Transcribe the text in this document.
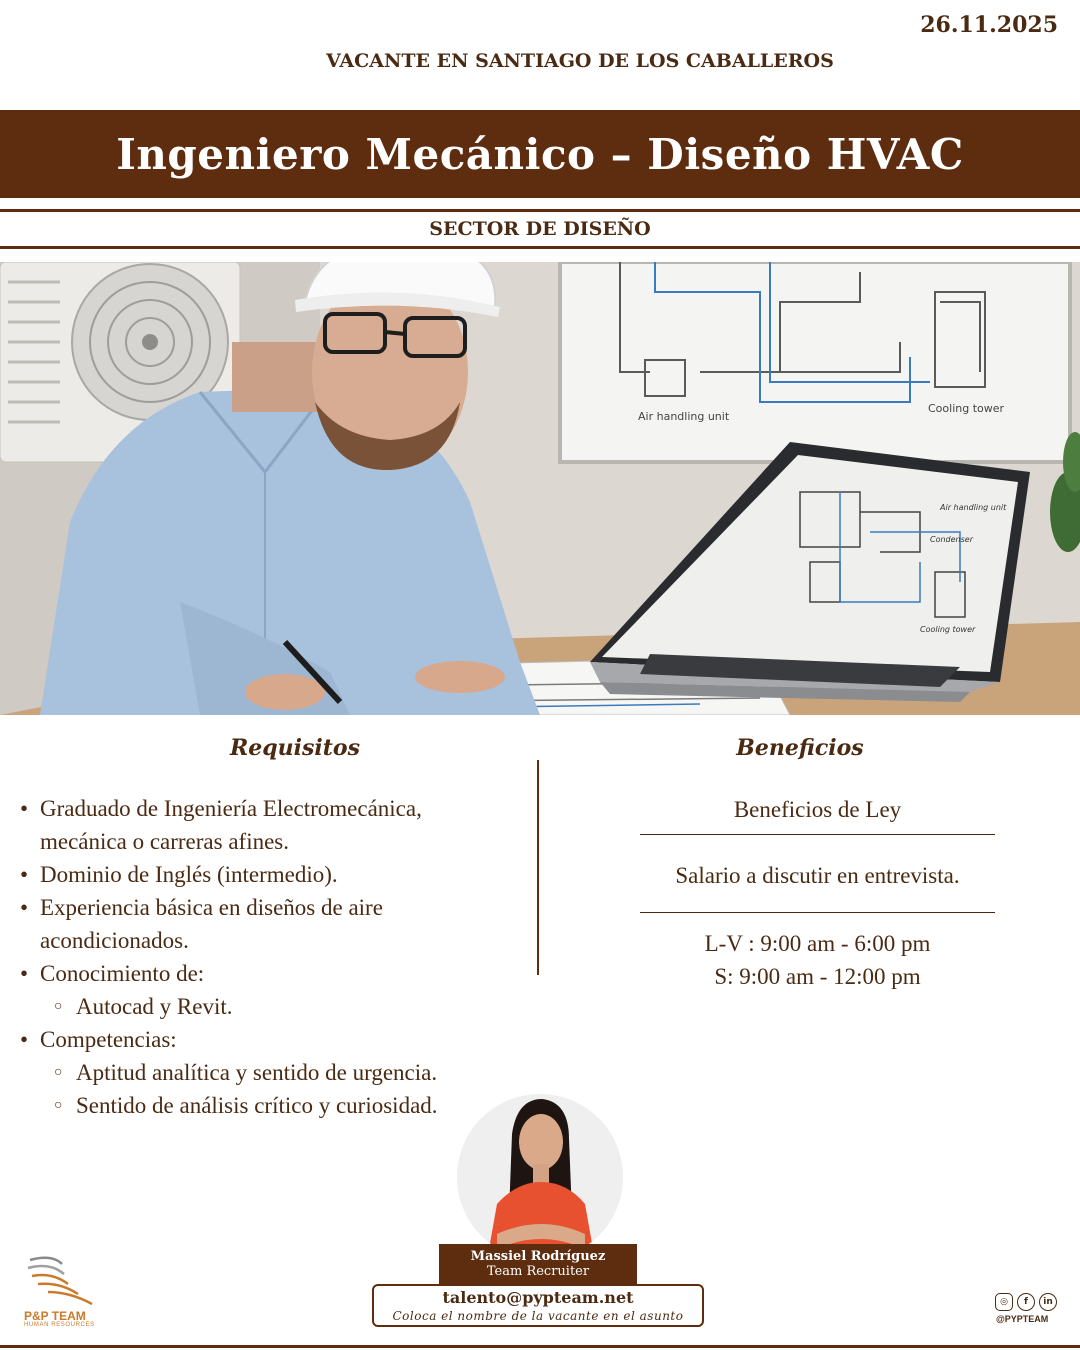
26.11.2025
VACANTE EN SANTIAGO DE LOS CABALLEROS
Ingeniero Mecánico – Diseño HVAC
SECTOR DE DISEÑO
Air handling unit
Cooling tower
Air handling unit
Condenser
Cooling tower
Requisitos	Beneficios
• Graduado de Ingeniería Electromecánica, mecánica o carreras afines.
• Dominio de Inglés (intermedio).
• Experiencia básica en diseños de aire acondicionados.
• Conocimiento de:
○ Autocad y Revit.
• Competencias:
○ Aptitud analítica y sentido de urgencia.
○ Sentido de análisis crítico y curiosidad.
Beneficios de Ley
Salario a discutir en entrevista.
L-V : 9:00 am - 6:00 pm
S: 9:00 am - 12:00 pm
Massiel Rodríguez
Team Recruiter
talento@pypteam.net
Coloca el nombre de la vacante en el asunto
P&P TEAM
HUMAN RESOURCES
◎	f	in
@PYPTEAM
